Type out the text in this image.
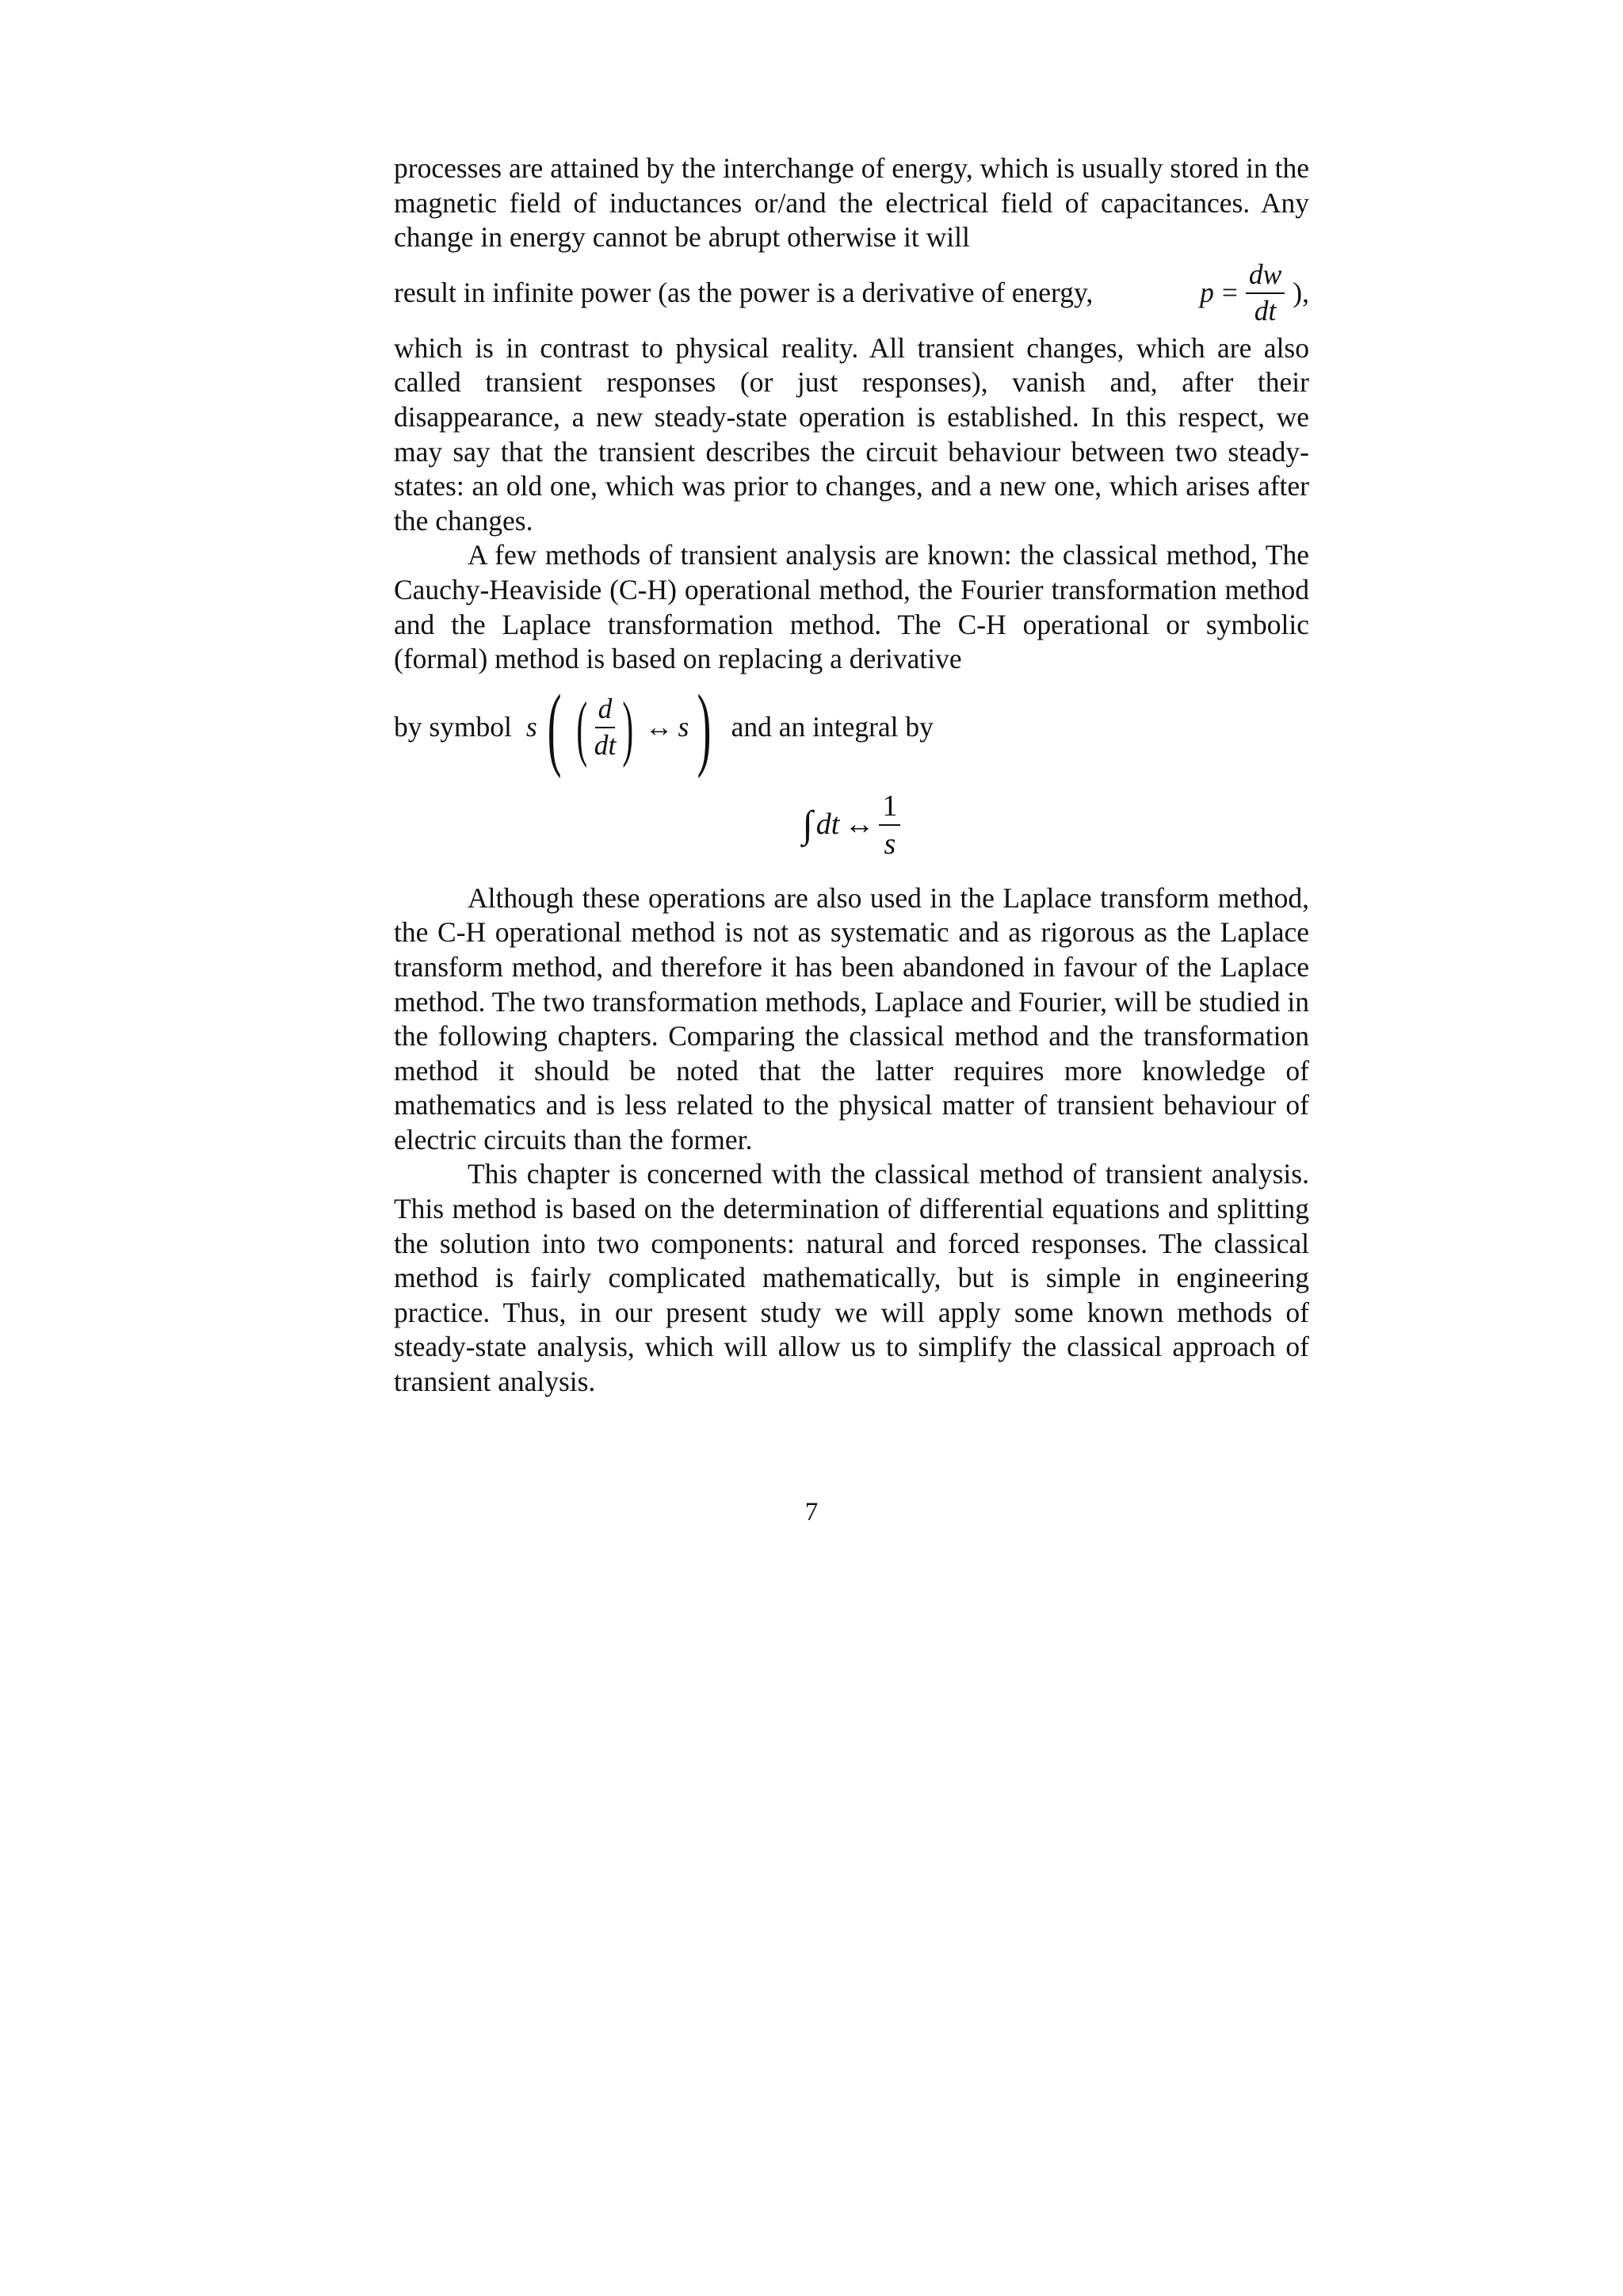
processes are attained by the interchange of energy, which is usually stored in the magnetic field of inductances or/and the electrical field of capacitances. Any change in energy cannot be abrupt otherwise it will

result in infinite power (as the power is a derivative of energy,	$p = \frac{dw}{dt}$ ),

which is in contrast to physical reality. All transient changes, which are also called transient responses (or just responses), vanish and, after their disappearance, a new steady-state operation is established. In this respect, we may say that the transient describes the circuit behaviour between two steady-states: an old one, which was prior to changes, and a new one, which arises after the changes.

A few methods of transient analysis are known: the classical method, The Cauchy-Heaviside (C-H) operational method, the Fourier transformation method and the Laplace transformation method. The C-H operational or symbolic (formal) method is based on replacing a derivative

by symbol s ( ( $\frac{d}{dt}$ ) ↔ s ) and an integral by
∫ dt ↔ $\frac{1}{s}$

Although these operations are also used in the Laplace transform method, the C-H operational method is not as systematic and as rigorous as the Laplace transform method, and therefore it has been abandoned in favour of the Laplace method. The two transformation methods, Laplace and Fourier, will be studied in the following chapters. Comparing the classical method and the transformation method it should be noted that the latter requires more knowledge of mathematics and is less related to the physical matter of transient behaviour of electric circuits than the former.

This chapter is concerned with the classical method of transient analysis. This method is based on the determination of differential equations and splitting the solution into two components: natural and forced responses. The classical method is fairly complicated mathematically, but is simple in engineering practice. Thus, in our present study we will apply some known methods of steady-state analysis, which will allow us to simplify the classical approach of transient analysis.

7
